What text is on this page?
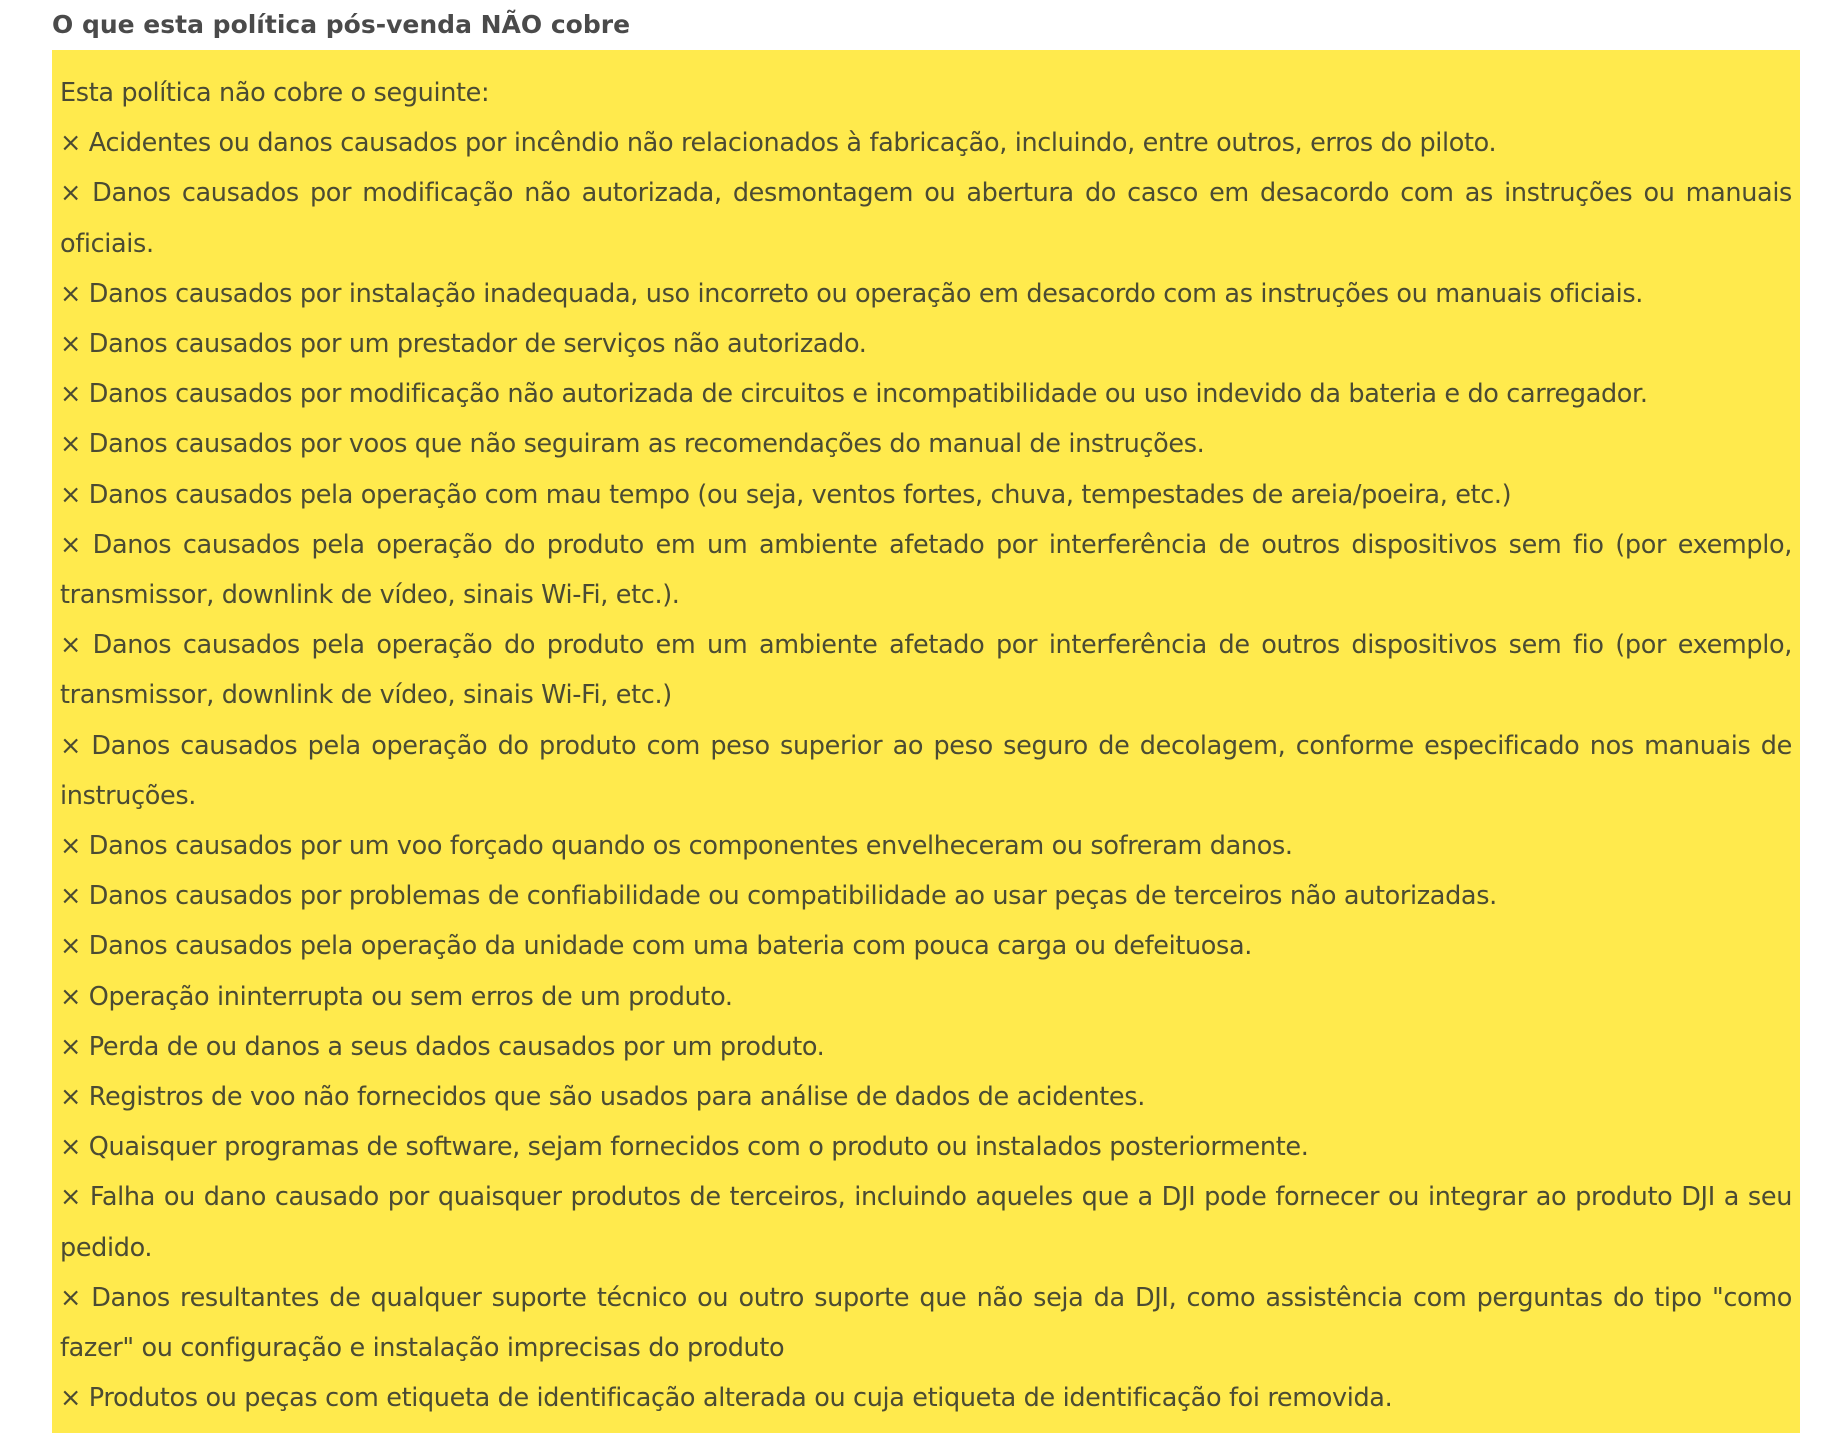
O que esta política pós-venda NÃO cobre

Esta política não cobre o seguinte:

× Acidentes ou danos causados por incêndio não relacionados à fabricação, incluindo, entre outros, erros do piloto.
× Danos causados por modificação não autorizada, desmontagem ou abertura do casco em desacordo com as instruções ou manuais oficiais.
× Danos causados por instalação inadequada, uso incorreto ou operação em desacordo com as instruções ou manuais oficiais.
× Danos causados por um prestador de serviços não autorizado.
× Danos causados por modificação não autorizada de circuitos e incompatibilidade ou uso indevido da bateria e do carregador.
× Danos causados por voos que não seguiram as recomendações do manual de instruções.
× Danos causados pela operação com mau tempo (ou seja, ventos fortes, chuva, tempestades de areia/poeira, etc.)
× Danos causados pela operação do produto em um ambiente afetado por interferência de outros dispositivos sem fio (por exemplo, transmissor, downlink de vídeo, sinais Wi-Fi, etc.).
× Danos causados pela operação do produto em um ambiente afetado por interferência de outros dispositivos sem fio (por exemplo, transmissor, downlink de vídeo, sinais Wi-Fi, etc.)
× Danos causados pela operação do produto com peso superior ao peso seguro de decolagem, conforme especificado nos manuais de instruções.
× Danos causados por um voo forçado quando os componentes envelheceram ou sofreram danos.
× Danos causados por problemas de confiabilidade ou compatibilidade ao usar peças de terceiros não autorizadas.
× Danos causados pela operação da unidade com uma bateria com pouca carga ou defeituosa.
× Operação ininterrupta ou sem erros de um produto.
× Perda de ou danos a seus dados causados por um produto.
× Registros de voo não fornecidos que são usados para análise de dados de acidentes.
× Quaisquer programas de software, sejam fornecidos com o produto ou instalados posteriormente.
× Falha ou dano causado por quaisquer produtos de terceiros, incluindo aqueles que a DJI pode fornecer ou integrar ao produto DJI a seu pedido.
× Danos resultantes de qualquer suporte técnico ou outro suporte que não seja da DJI, como assistência com perguntas do tipo "como fazer" ou configuração e instalação imprecisas do produto
× Produtos ou peças com etiqueta de identificação alterada ou cuja etiqueta de identificação foi removida.
